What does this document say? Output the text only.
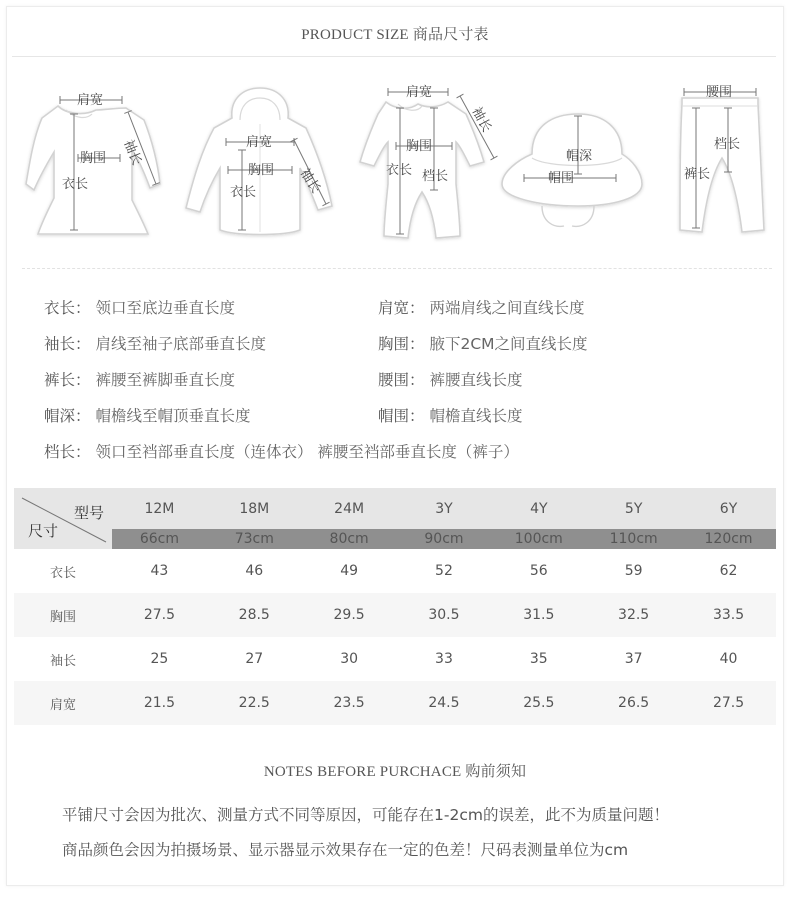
PRODUCT SIZE 商品尺寸表
肩宽
胸围
衣长
袖长	肩宽
胸围
衣长	袖长
肩宽
胸围
衣长 档长
袖长
帽深
帽围
腰围
裤长
档长
衣长： 领口至底边垂直长度
袖长： 肩线至袖子底部垂直长度
裤长： 裤腰至裤脚垂直长度
帽深： 帽檐线至帽顶垂直长度
档长： 领口至裆部垂直长度（连体衣） 裤腰至裆部垂直长度（裤子）
肩宽： 两端肩线之间直线长度
胸围： 腋下2CM之间直线长度
腰围： 裤腰直线长度
帽围： 帽檐直线长度
型号
尺寸	12M	18M	24M	3Y	4Y	5Y	6Y
	66cm	73cm	80cm	90cm	100cm	110cm	120cm
衣长	43	46	49	52	56	59	62
胸围	27.5	28.5	29.5	30.5	31.5	32.5	33.5
袖长	25	27	30	33	35	37	40
肩宽	21.5	22.5	23.5	24.5	25.5	26.5	27.5
NOTES BEFORE PURCHACE 购前须知
平铺尺寸会因为批次、测量方式不同等原因，可能存在1-2cm的误差，此不为质量问题！
商品颜色会因为拍摄场景、显示器显示效果存在一定的色差！尺码表测量单位为cm
